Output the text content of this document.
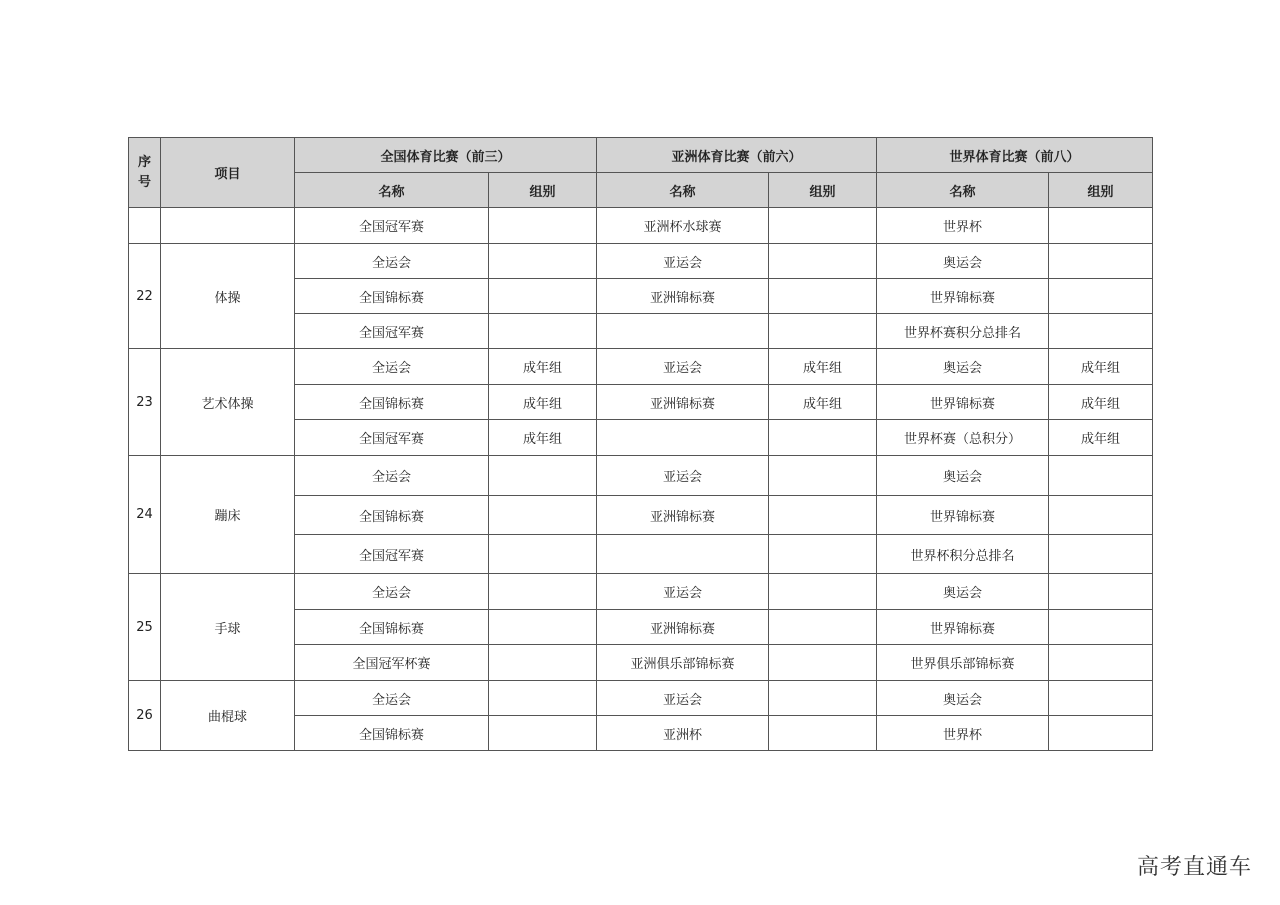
序
号	项目	全国体育比赛（前三）		亚洲体育比赛（前六）		世界体育比赛（前八）	
		名称	组别	名称	组别	名称	组别
		全国冠军赛		亚洲杯水球赛		世界杯	
22	体操	全运会		亚运会		奥运会	
		全国锦标赛		亚洲锦标赛		世界锦标赛	
		全国冠军赛				世界杯赛积分总排名	
23	艺术体操	全运会	成年组	亚运会	成年组	奥运会	成年组
		全国锦标赛	成年组	亚洲锦标赛	成年组	世界锦标赛	成年组
		全国冠军赛	成年组			世界杯赛（总积分）	成年组
24	蹦床	全运会		亚运会		奥运会	
		全国锦标赛		亚洲锦标赛		世界锦标赛	
		全国冠军赛				世界杯积分总排名	
25	手球	全运会		亚运会		奥运会	
		全国锦标赛		亚洲锦标赛		世界锦标赛	
		全国冠军杯赛		亚洲俱乐部锦标赛		世界俱乐部锦标赛	
26	曲棍球	全运会		亚运会		奥运会	
		全国锦标赛		亚洲杯		世界杯	
高考直通车
